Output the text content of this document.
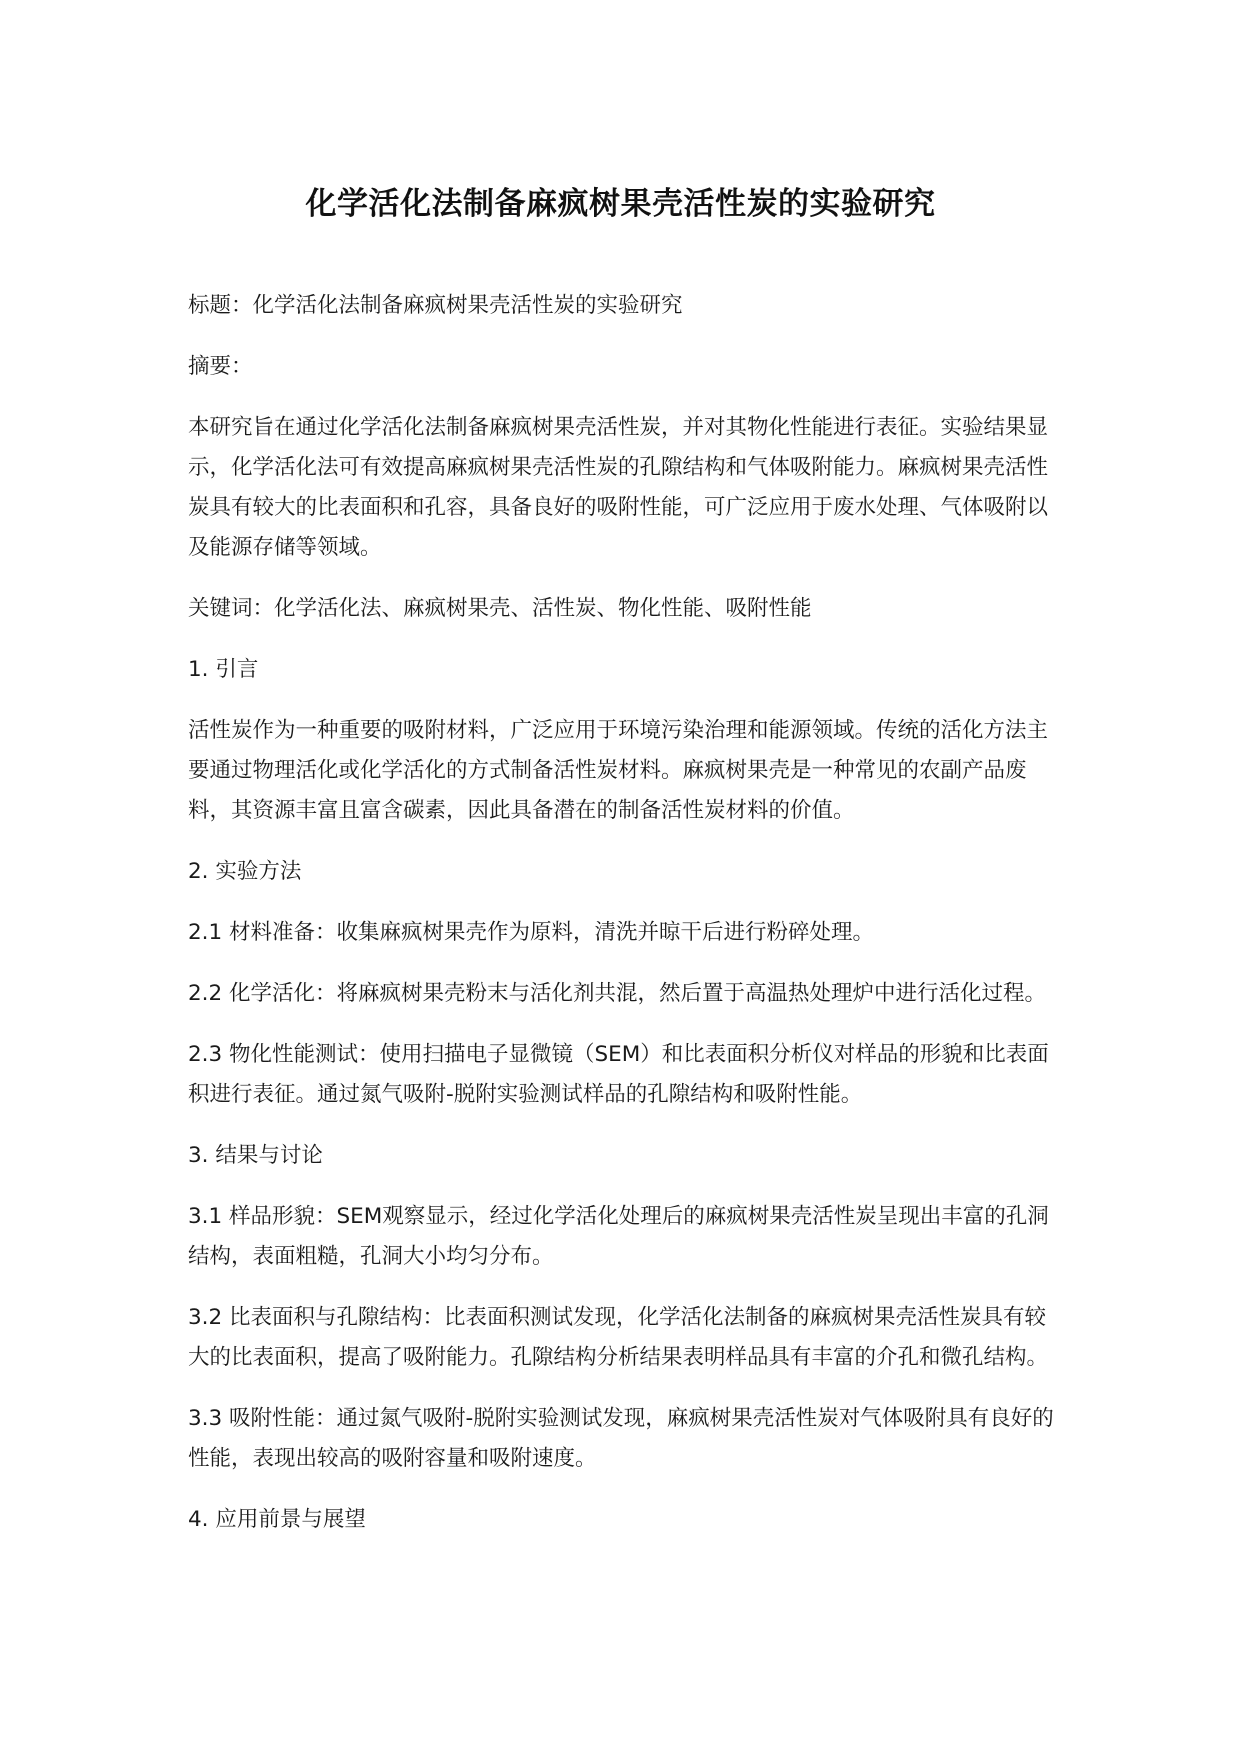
化学活化法制备麻疯树果壳活性炭的实验研究

标题：化学活化法制备麻疯树果壳活性炭的实验研究

摘要：

本研究旨在通过化学活化法制备麻疯树果壳活性炭，并对其物化性能进行表征。实验结果显示，化学活化法可有效提高麻疯树果壳活性炭的孔隙结构和气体吸附能力。麻疯树果壳活性炭具有较大的比表面积和孔容，具备良好的吸附性能，可广泛应用于废水处理、气体吸附以及能源存储等领域。

关键词：化学活化法、麻疯树果壳、活性炭、物化性能、吸附性能

1. 引言

活性炭作为一种重要的吸附材料，广泛应用于环境污染治理和能源领域。传统的活化方法主要通过物理活化或化学活化的方式制备活性炭材料。麻疯树果壳是一种常见的农副产品废料，其资源丰富且富含碳素，因此具备潜在的制备活性炭材料的价值。

2. 实验方法

2.1 材料准备：收集麻疯树果壳作为原料，清洗并晾干后进行粉碎处理。

2.2 化学活化：将麻疯树果壳粉末与活化剂共混，然后置于高温热处理炉中进行活化过程。

2.3 物化性能测试：使用扫描电子显微镜（SEM）和比表面积分析仪对样品的形貌和比表面积进行表征。通过氮气吸附-脱附实验测试样品的孔隙结构和吸附性能。

3. 结果与讨论

3.1 样品形貌：SEM观察显示，经过化学活化处理后的麻疯树果壳活性炭呈现出丰富的孔洞结构，表面粗糙，孔洞大小均匀分布。

3.2 比表面积与孔隙结构：比表面积测试发现，化学活化法制备的麻疯树果壳活性炭具有较大的比表面积，提高了吸附能力。孔隙结构分析结果表明样品具有丰富的介孔和微孔结构。

3.3 吸附性能：通过氮气吸附-脱附实验测试发现，麻疯树果壳活性炭对气体吸附具有良好的性能，表现出较高的吸附容量和吸附速度。

4. 应用前景与展望
